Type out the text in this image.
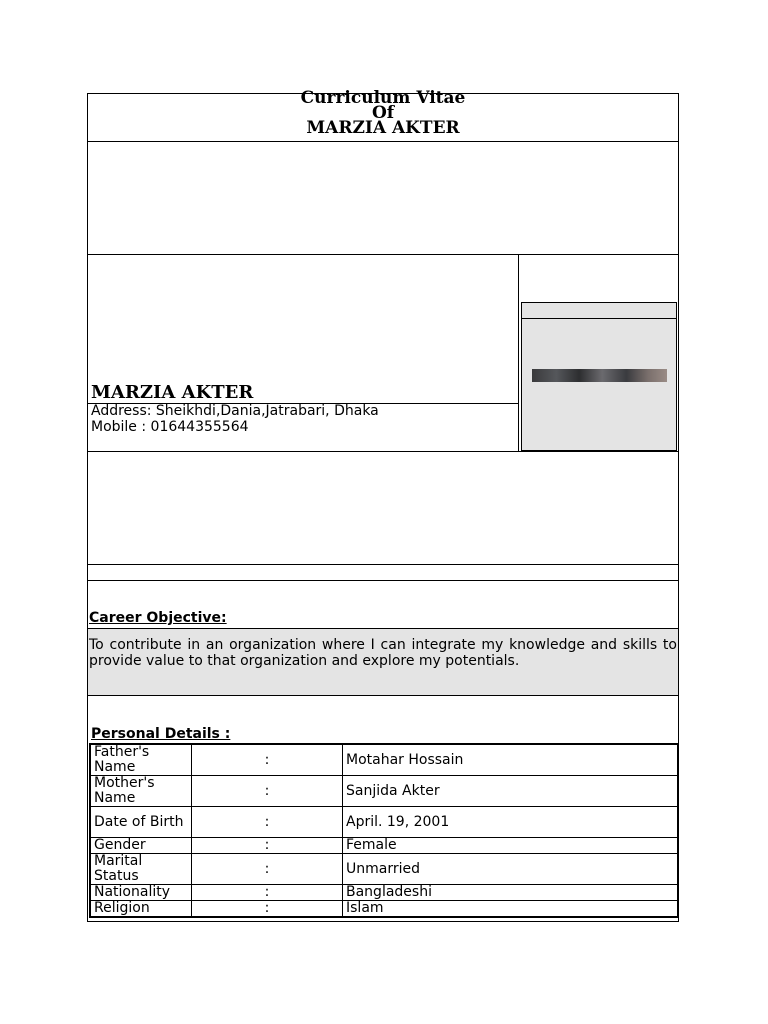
Curriculum Vitae
Of
MARZIA AKTER
MARZIA AKTER
Address: Sheikhdi,Dania,Jatrabari, Dhaka
Mobile : 01644355564
Career Objective:
To contribute in an organization where I can integrate my knowledge and skills to provide value to that organization and explore my potentials.
Personal Details :
Father's Name	:	Motahar Hossain
Mother's Name	:	Sanjida Akter
Date of Birth	:	April. 19, 2001
Gender	:	Female
Marital Status	:	Unmarried
Nationality	:	Bangladeshi
Religion	:	Islam
